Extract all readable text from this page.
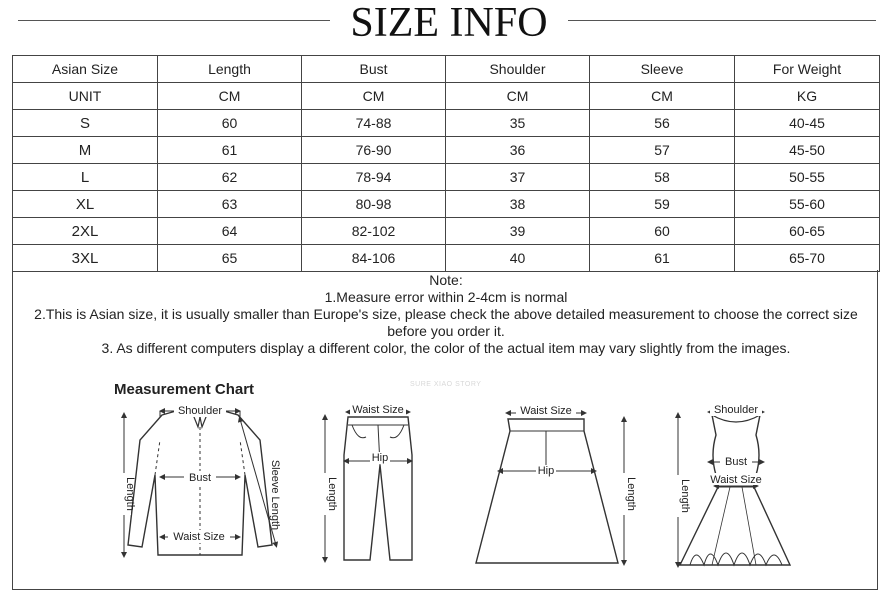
SIZE INFO
Asian Size	Length	Bust	Shoulder	Sleeve	For Weight
UNIT	CM	CM	CM	CM	KG
S	60	74-88	35	56	40-45
M	61	76-90	36	57	45-50
L	62	78-94	37	58	50-55
XL	63	80-98	38	59	55-60
2XL	64	82-102	39	60	60-65
3XL	65	84-106	40	61	65-70
Note:
1.Measure error within 2-4cm is normal
2.This is Asian size, it is usually smaller than Europe's size, please check the above detailed measurement to choose the correct size
before you order it.
3. As different computers display a different color, the color of the actual item may vary slightly from the images.
Measurement Chart	SURE XIAO STORY
Shoulder
Bust
Waist Size
Length	Sleeve Length
Waist Size
Hip
Length
Waist Size
Hip
Length
Shoulder
Bust
Waist Size
Length
